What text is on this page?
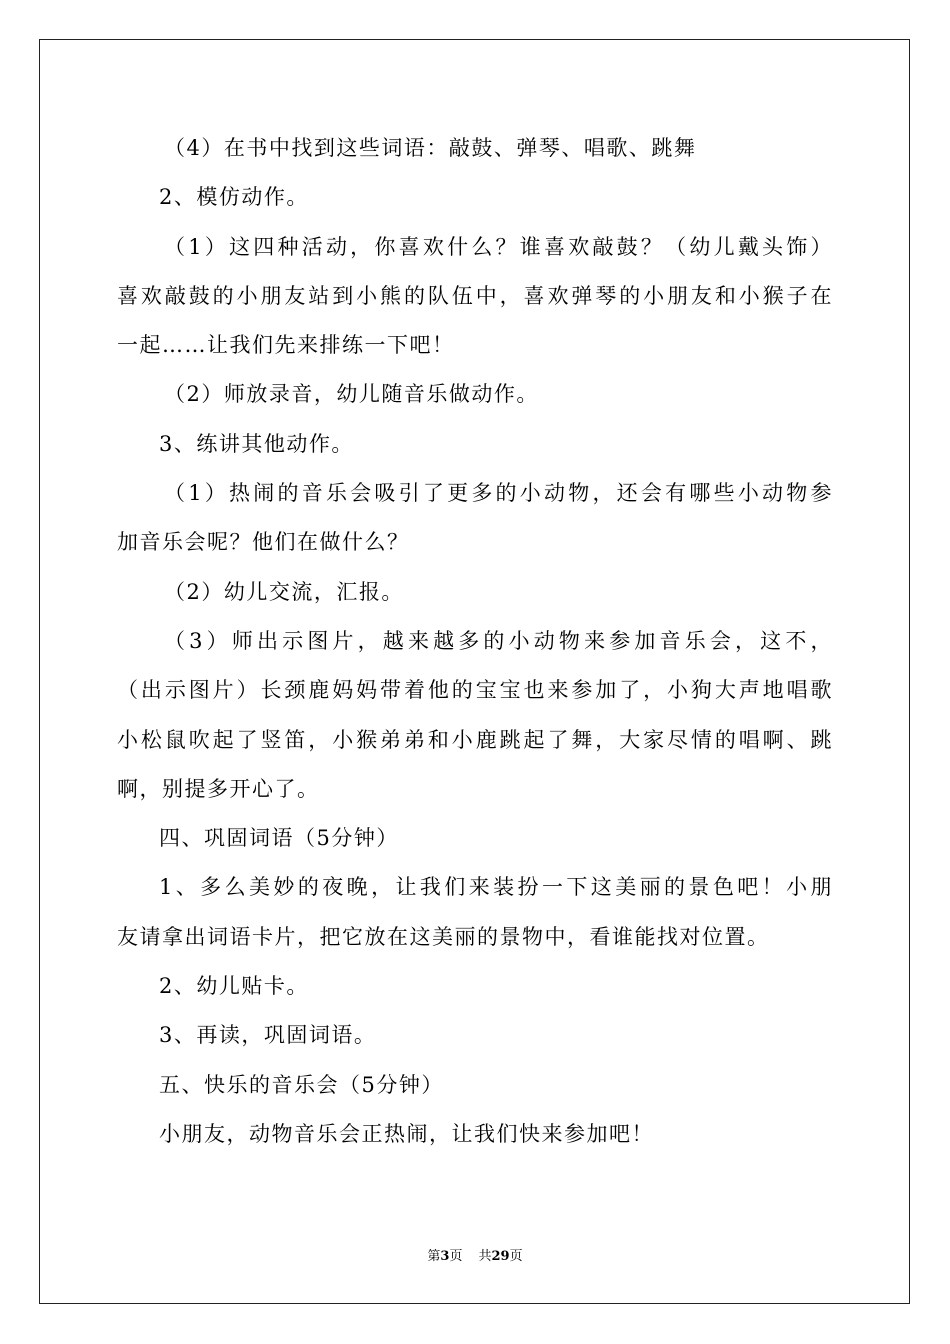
（4）在书中找到这些词语：敲鼓、弹琴、唱歌、跳舞
2、模仿动作。
（1）这四种活动，你喜欢什么？谁喜欢敲鼓？（幼儿戴头饰）
喜欢敲鼓的小朋友站到小熊的队伍中，喜欢弹琴的小朋友和小猴子在
一起……让我们先来排练一下吧！
（2）师放录音，幼儿随音乐做动作。
3、练讲其他动作。
（1）热闹的音乐会吸引了更多的小动物，还会有哪些小动物参
加音乐会呢？他们在做什么？
（2）幼儿交流，汇报。
（3）师出示图片，越来越多的小动物来参加音乐会，这不，
（出示图片）长颈鹿妈妈带着他的宝宝也来参加了，小狗大声地唱歌
小松鼠吹起了竖笛，小猴弟弟和小鹿跳起了舞，大家尽情的唱啊、跳
啊，别提多开心了。
四、巩固词语（5分钟）
1、多么美妙的夜晚，让我们来装扮一下这美丽的景色吧！小朋
友请拿出词语卡片，把它放在这美丽的景物中，看谁能找对位置。
2、幼儿贴卡。
3、再读，巩固词语。
五、快乐的音乐会（5分钟）
小朋友，动物音乐会正热闹，让我们快来参加吧！
第3页 共29页
